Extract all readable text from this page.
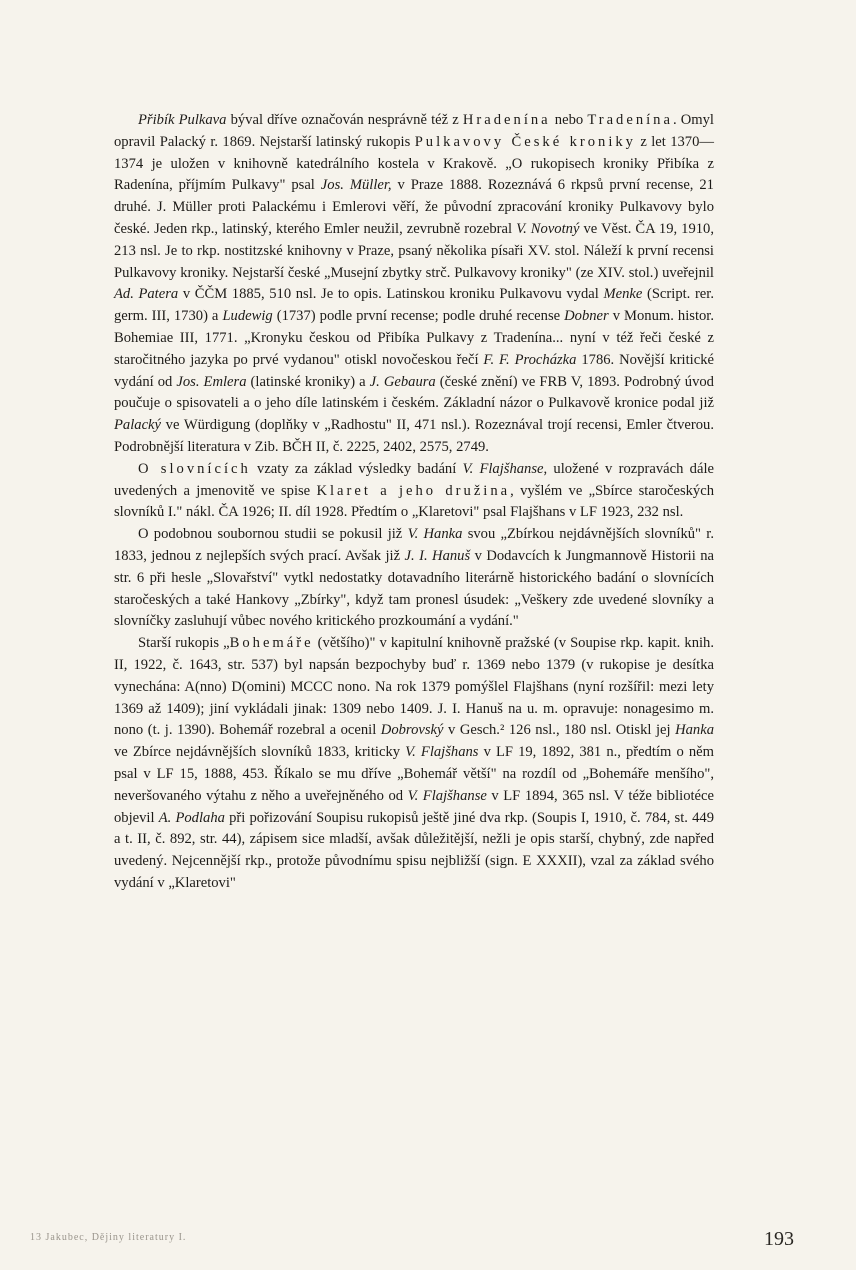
Přibík Pulkava býval dříve označován nesprávně též z Hradenína nebo Tradenína. Omyl opravil Palacký r. 1869. Nejstarší latinský rukopis Pulkavovy České kroniky z let 1370—1374 je uložen v knihovně katedrálního kostela v Krakově. „O rukopisech kroniky Přibíka z Radenína, příjmím Pulkavy" psal Jos. Müller, v Praze 1888. Rozeznává 6 rkpsů první recense, 21 druhé. J. Müller proti Palackému i Emlerovi věří, že původní zpracování kroniky Pulkavovy bylo české. Jeden rkp., latinský, kterého Emler neužil, zevrubně rozebral V. Novotný ve Věst. ČA 19, 1910, 213 nsl. Je to rkp. nostitzské knihovny v Praze, psaný několika písaři XV. stol. Náleží k první recensi Pulkavovy kroniky. Nejstarší české „Musejní zbytky strč. Pulkavovy kroniky" (ze XIV. stol.) uveřejnil Ad. Patera v ČČM 1885, 510 nsl. Je to opis. Latinskou kroniku Pulkavovu vydal Menke (Script. rer. germ. III, 1730) a Ludewig (1737) podle první recense; podle druhé recense Dobner v Monum. histor. Bohemiae III, 1771. „Kronyku českou od Přibíka Pulkavy z Tradenína... nyní v též řeči české z staročitného jazyka po prvé vydanou" otiskl novočeskou řečí F. F. Procházka 1786. Novější kritické vydání od Jos. Emlera (latinské kroniky) a J. Gebaura (české znění) ve FRB V, 1893. Podrobný úvod poučuje o spisovateli a o jeho díle latinském i českém. Základní názor o Pulkavově kronice podal již Palacký ve Würdigung (doplňky v „Radhostu" II, 471 nsl.). Rozeznával trojí recensi, Emler čtverou. Podrobnější literatura v Zib. BČH II, č. 2225, 2402, 2575, 2749.

O slovnících vzaty za základ výsledky badání V. Flajšhanse, uložené v rozpravách dále uvedených a jmenovitě ve spise Klaret a jeho družina, vyšlém ve „Sbírce staročeských slovníků I." nákl. ČA 1926; II. díl 1928. Předtím o „Klaretovi" psal Flajšhans v LF 1923, 232 nsl.

O podobnou soubornou studii se pokusil již V. Hanka svou „Zbírkou nejdávnějších slovníků" r. 1833, jednou z nejlepších svých prací. Avšak již J. I. Hanuš v Dodavcích k Jungmannově Historii na str. 6 při hesle „Slovařství" vytkl nedostatky dotavadního literárně historického badání o slovnících staročeských a také Hankovy „Zbírky", když tam pronesl úsudek: „Veškery zde uvedené slovníky a slovníčky zasluhují vůbec nového kritického prozkoumání a vydání."

Starší rukopis „Bohemáře (většího)" v kapitulní knihovně pražské (v Soupise rkp. kapit. knih. II, 1922, č. 1643, str. 537) byl napsán bezpochyby buď r. 1369 nebo 1379 (v rukopise je desítka vynechána: A(nno) D(omini) MCCC nono. Na rok 1379 pomýšlel Flajšhans (nyní rozšířil: mezi lety 1369 až 1409); jiní vykládali jinak: 1309 nebo 1409. J. I. Hanuš na u. m. opravuje: nonagesimo m. nono (t. j. 1390). Bohemář rozebral a ocenil Dobrovský v Gesch.² 126 nsl., 180 nsl. Otiskl jej Hanka ve Zbírce nejdávnějších slovníků 1833, kriticky V. Flajšhans v LF 19, 1892, 381 n., předtím o něm psal v LF 15, 1888, 453. Říkalo se mu dříve „Bohemář větší" na rozdíl od „Bohemáře menšího", neveršovaného výtahu z něho a uveřejněného od V. Flajšhanse v LF 1894, 365 nsl. V téže bibliotéce objevil A. Podlaha při pořizování Soupisu rukopisů ještě jiné dva rkp. (Soupis I, 1910, č. 784, st. 449 a t. II, č. 892, str. 44), zápisem sice mladší, avšak důležitější, nežli je opis starší, chybný, zde napřed uvedený. Nejcennější rkp., protože původnímu spisu nejbližší (sign. E XXXII), vzal za základ svého vydání v „Klaretovi"

13 Jakubec, Dějiny literatury I.	193
